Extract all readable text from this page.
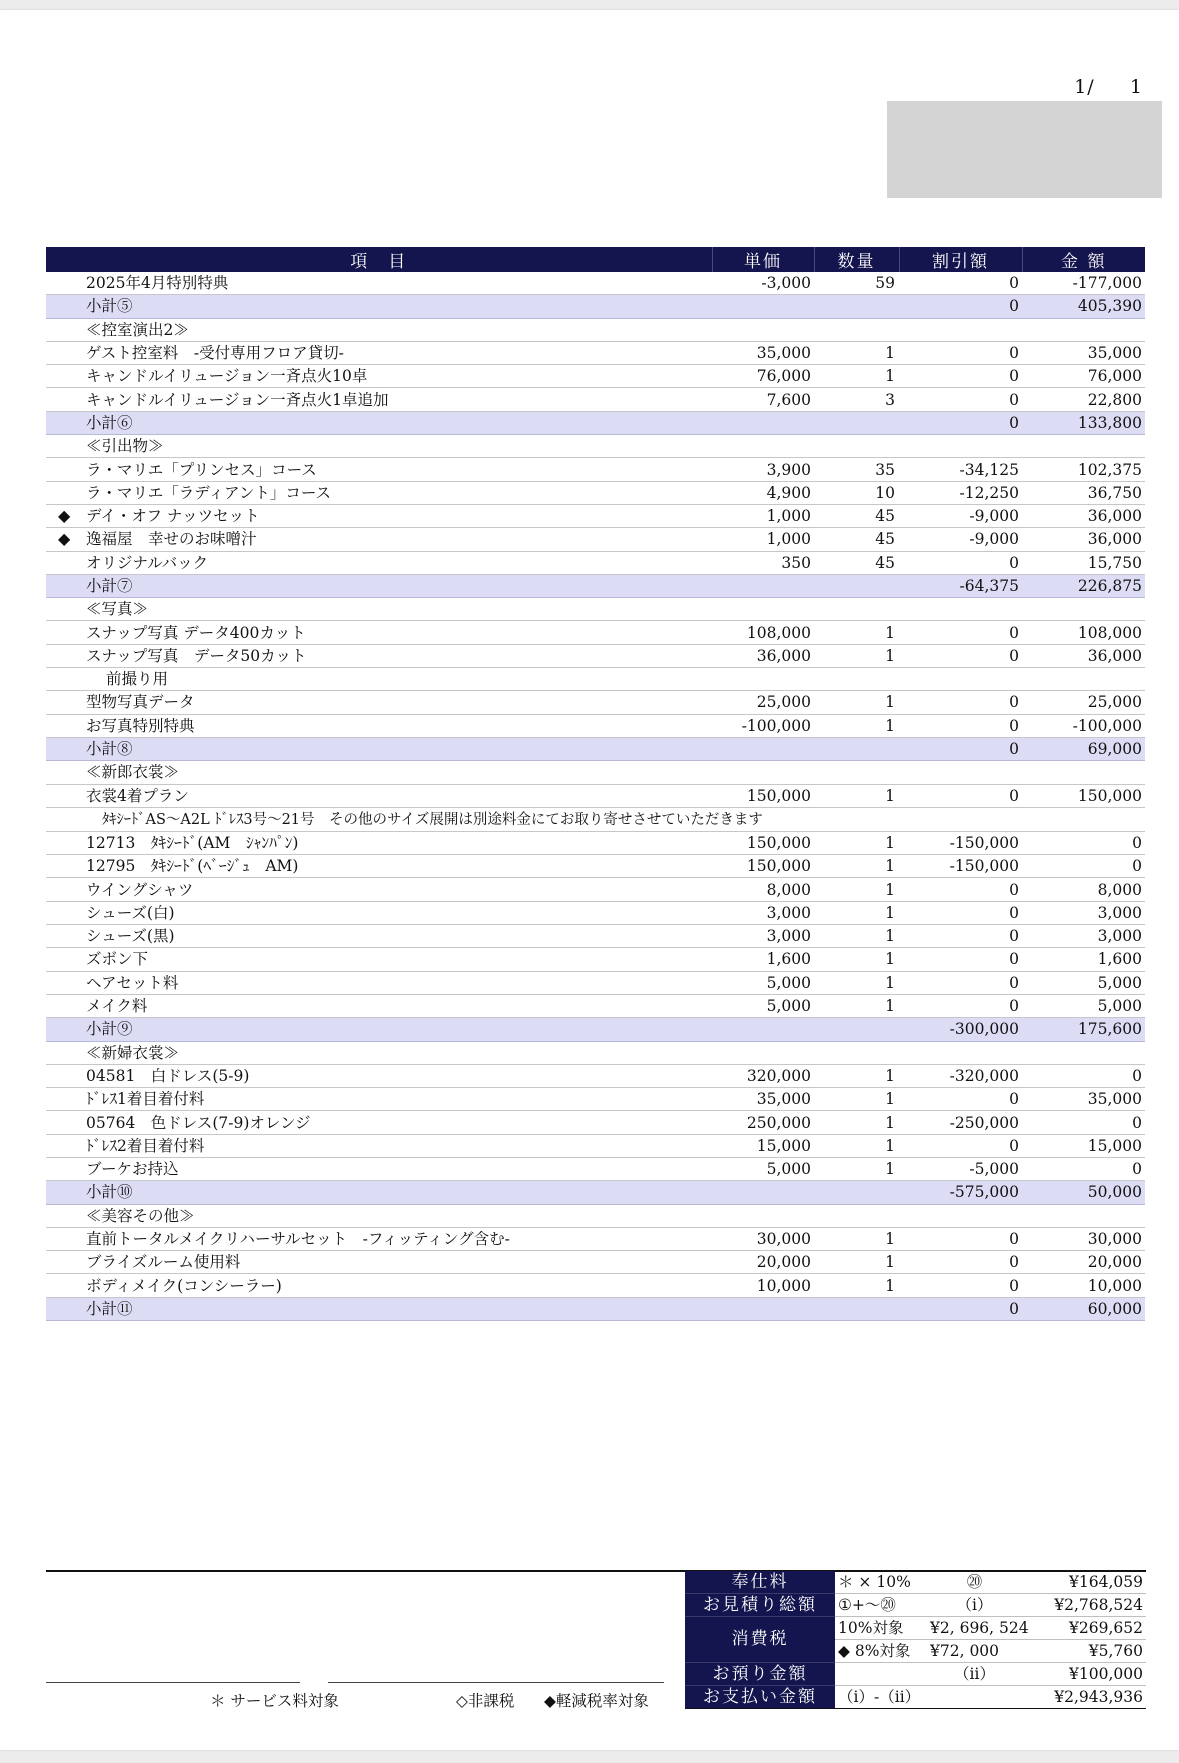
1/ 1
項　目	単価	数量	割引額	金 額
2025年4月特別特典	-3,000	59	0	-177,000
小計⑤			0	405,390
≪控室演出2≫				
ゲスト控室料　-受付専用フロア貸切-	35,000	1	0	35,000
キャンドルイリュージョン一斉点火10卓	76,000	1	0	76,000
キャンドルイリュージョン一斉点火1卓追加	7,600	3	0	22,800
小計⑥			0	133,800
≪引出物≫				
ラ・マリエ「プリンセス」コース	3,900	35	-34,125	102,375
ラ・マリエ「ラディアント」コース	4,900	10	-12,250	36,750

◆ デイ・オフ ナッツセット	1,000	45	-9,000	36,000

◆ 逸福屋　幸せのお味噌汁	1,000	45	-9,000	36,000
オリジナルバック	350	45	0	15,750
小計⑦			-64,375	226,875
≪写真≫				
スナップ写真 データ400カット	108,000	1	0	108,000
スナップ写真　データ50カット	36,000	1	0	36,000
前撮り用				
型物写真データ	25,000	1	0	25,000
お写真特別特典	-100,000	1	0	-100,000
小計⑧			0	69,000
≪新郎衣裳≫				
衣裳4着プラン	150,000	1	0	150,000
ﾀｷｼｰﾄﾞAS～A2L ﾄﾞﾚｽ3号～21号　その他のサイズ展開は別途料金にてお取り寄せさせていただきます				
12713　ﾀｷｼｰﾄﾞ(AM　ｼｬﾝﾊﾟﾝ)	150,000	1	-150,000	0
12795　ﾀｷｼｰﾄﾞ(ﾍﾞｰｼﾞｭ　AM)	150,000	1	-150,000	0
ウイングシャツ	8,000	1	0	8,000
シューズ(白)	3,000	1	0	3,000
シューズ(黒)	3,000	1	0	3,000
ズボン下	1,600	1	0	1,600
ヘアセット料	5,000	1	0	5,000
メイク料	5,000	1	0	5,000
小計⑨			-300,000	175,600
≪新婦衣裳≫				
04581　白ドレス(5-9)	320,000	1	-320,000	0
ﾄﾞﾚｽ1着目着付料	35,000	1	0	35,000
05764　色ドレス(7-9)オレンジ	250,000	1	-250,000	0
ﾄﾞﾚｽ2着目着付料	15,000	1	0	15,000
ブーケお持込	5,000	1	-5,000	0
小計⑩			-575,000	50,000
≪美容その他≫				
直前トータルメイクリハーサルセット　-フィッティング含む-	30,000	1	0	30,000
ブライズルーム使用料	20,000	1	0	20,000
ボディメイク(コンシーラー)	10,000	1	0	10,000
小計⑪			0	60,000
＊ サービス料対象	◇非課税 ◆軽減税率対象
奉仕料	＊ × 10%	⑳	¥164,059
お見積り総額	①+～⑳	（ⅰ）	¥2,768,524
消費税	10%対象	¥2, 696, 524	¥269,652
	◆ 8%対象	¥72, 000	¥5,760
お預り金額		（ⅱ）	¥100,000
お支払い金額	（ⅰ）-（ⅱ）		¥2,943,936
